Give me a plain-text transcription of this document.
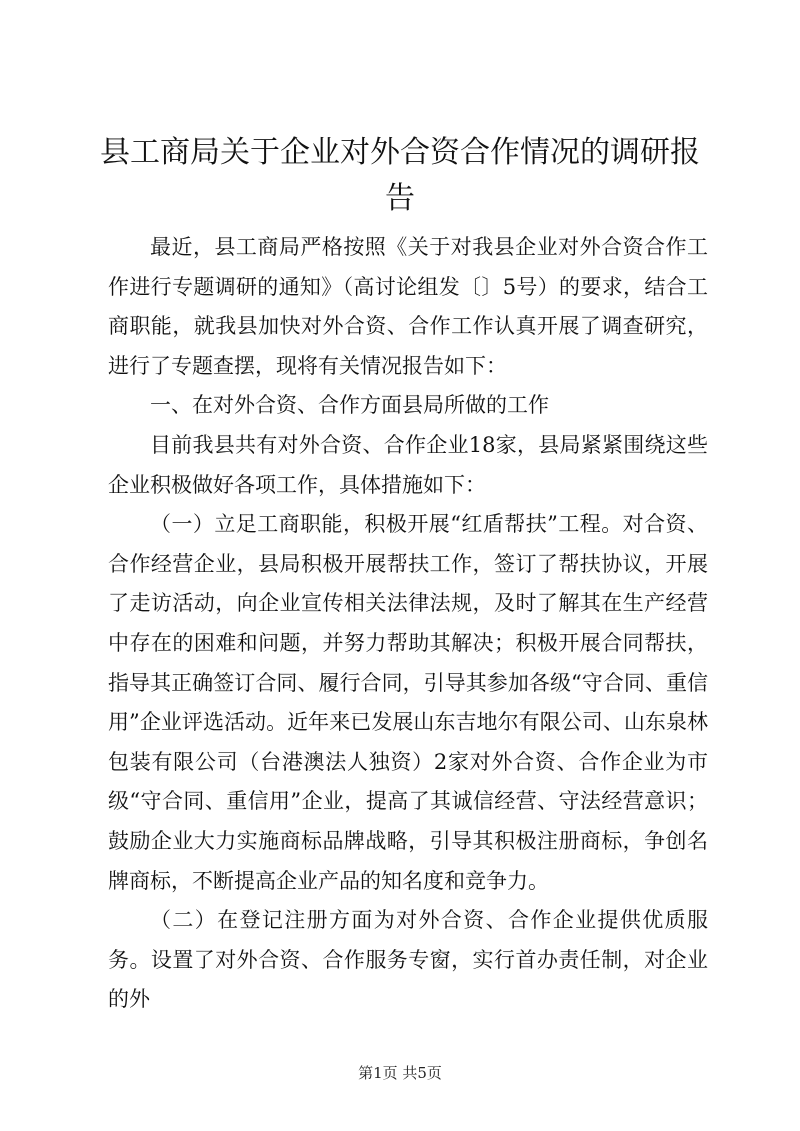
县工商局关于企业对外合资合作情况的调研报告

最近，县工商局严格按照《关于对我县企业对外合资合作工作进行专题调研的通知》（高讨论组发〔〕5号）的要求，结合工商职能，就我县加快对外合资、合作工作认真开展了调查研究，进行了专题查摆，现将有关情况报告如下：

一、在对外合资、合作方面县局所做的工作

目前我县共有对外合资、合作企业18家，县局紧紧围绕这些企业积极做好各项工作，具体措施如下：

（一）立足工商职能，积极开展“红盾帮扶”工程。对合资、合作经营企业，县局积极开展帮扶工作，签订了帮扶协议，开展了走访活动，向企业宣传相关法律法规，及时了解其在生产经营中存在的困难和问题，并努力帮助其解决；积极开展合同帮扶，指导其正确签订合同、履行合同，引导其参加各级“守合同、重信用”企业评选活动。近年来已发展山东吉地尔有限公司、山东泉林包装有限公司（台港澳法人独资）2家对外合资、合作企业为市级“守合同、重信用”企业，提高了其诚信经营、守法经营意识；鼓励企业大力实施商标品牌战略，引导其积极注册商标，争创名牌商标，不断提高企业产品的知名度和竞争力。

（二）在登记注册方面为对外合资、合作企业提供优质服务。设置了对外合资、合作服务专窗，实行首办责任制，对企业的外

第1页 共5页
